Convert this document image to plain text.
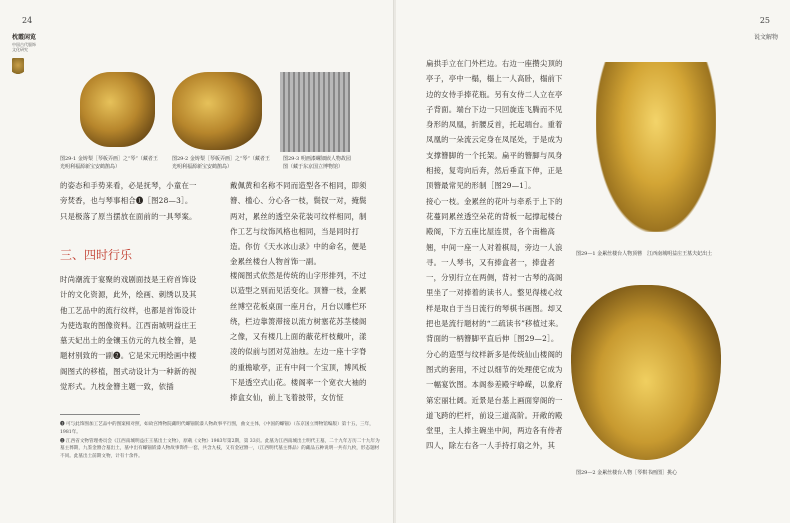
24
枕霞闲览
中国古代服饰
文化研究
图29-1 金铸梨［琴板弄画］之“琴”（藏者王光明利福源新宝安鹤鹊岛）
图29-2 金铸梨［琴板弄画］之“琴”（藏者王光明利福源新宝安鹤鹊岛）
图29-3 明画漆螺钿嵌人物故园图（藏于东京国立博物馆）

的姿态和手势来看，必是抚琴，小童在一旁焚香，也与琴事相合❶［图28—3］。只是极落了原当摆放在面前的一具琴案。

戴佩黄和名称不同而造型各不相同，即须簪、槛心、分心各一枝，鬓钗一对，掩鬓两对，累丝的透空朵花装可纹样相同，制作工艺与纹饰风格也相同，当是同时打造。你仿《天水冰山录》中的命名，便是金累丝楼台人物首饰一副。

三、四时行乐

时尚潮流于宴聚的戏剧面技是王府首饰设计的文化资源，此外，绘画、刺绣以及其他工艺品中的流行纹样，也都是首饰设计为使选取的图像资料。江西南城明益庄王墓天妃出土的金镶玉仿元的九枝全簪，是题材别致的一副❷。它是宋元明绘画中楼阁图式的移植，图式动设计为一种新的视觉形式。九枝金簪主题一致，依插

楼阁图式依然是传统的山字形排列，不过以造型之别而见活变化。顶簪一枝，金累丝博空花板桌面一座月台，月台以雕栏环绕，栏边靠箦滞接以流方树塞花苏茎楼阁之像，又有楼几上面的蔽花杆枝戴叶，漾凌的似前与团对苋油烛。左边一座十字脊的重檐歇亭，正有中间一个宝顶，博风板下是透空式山花。楼阁率一个宽衣大袖的捧盒女仙，前上飞着披带，女仿怔

❶ 可与此饰图加工艺品中的图案相对照，如故宫博物院藏明代螺钿嵌漆人物故事平行图，曲文主体，《中国的螺钿》（东京国立博物馆编版）第十五，三年，1981年。

❷ 江西省文物管理委员会《江西南城明益庄王墓出土文物》，原载《文物》1983年第2期，第 33页。此墓为江西南城出土明代王墓，二十九年万历二十九年为墓主葬期，九鉴金簪合墓出土，墓中出有螺钿嵌漆人物故事饰件一套，共含九枝，又有金冠簪一，（江西明代墓主葬品）的藏品五种说明一共有九枚，形态题材不同。此墓出土前期文物，计有十余件。

25
说文解物

扁拱手立在门外栏边。右边一座攒尖顶的亭子，亭中一榻，榻上一人高卧，榻前下边的女侍手捧花瓶。另有女侍二人立在亭子背面。端台下边一只回旋连飞腾而不见身形的凤凰，折腰反首，托起端台。重着凤凰的一朵流云定身在凤尾处，于是成为支撑簪脚的一个托架。扁平的簪脚与凤身相接，复弯向后奔，然后垂直下伸，正是顶簪最常见的形制［图29—1］。
接心一枝。金累丝的花叶与牵系于上下的花蔓同累丝透空朵花的背板一起撑起楼台殿阁，下方五座比屋连贯，各个南檐高翘，中间一座一人对着棋局，旁边一人浪寻。一人琴书，又有捧盒者一，捧盘者一，分别行立在两侧，背衬一古琴的高阁里坐了一对捧着的读书人。整见得楼心纹样是取自于当日流行的琴棋书画图。却又把也是流行题材的“二疏读书”移植过来。背面的一柄簪脚平直后伸［图29—2］。
分心的造型与纹样新多是传统仙山楼阁的图式的套用，不过以细节的处理使它成为一幅宴饮图。本阁参差殿宇峥嵘，以象府第宏丽壮阔。近景是台基上画面穿阁的一道飞跨的栏杆，前设三道高阶。开敞的殿堂里，主人捧主碗坐中间，两边各有侍者四人，除左右各一人手持打扇之外，其

图29—1 金累丝楼台人物顶簪　江西南城明益庄王墓夫妃出土
图29—2 金累丝楼台人物［琴棋书画图］挑心
